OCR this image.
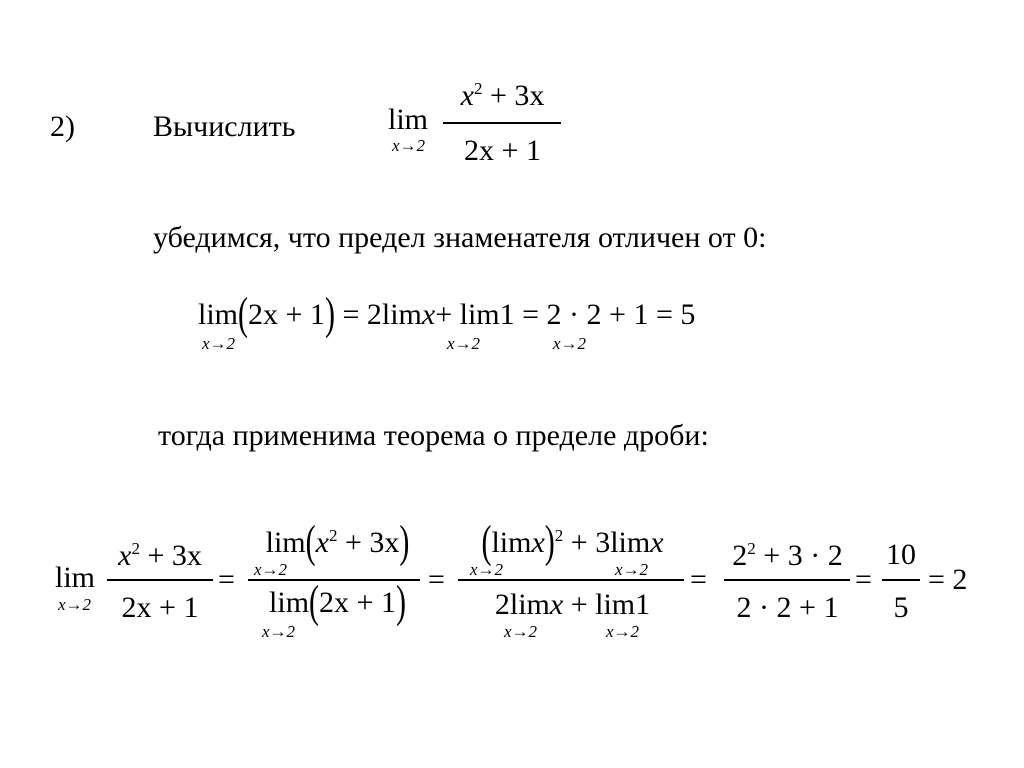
2)	Вычислить	lim
x→2
$x^2 + 3x$
2x + 1
убедимся, что предел знаменателя отличен от 0:
lim(2x + 1) = 2limx+ lim1 = 2 · 2 + 1 = 5
x→2	x→2	x→2
тогда применима теорема о пределе дроби:
lim
x→2
$x^2 + 3x$
2x + 1
=
$\lim(x^2 + 3x)$
x→2
lim(2x + 1)
x→2
=
$(\lim x)^2 + 3\lim x$
x→2	x→2
2limx + lim1
x→2	x→2
=
$2^2 + 3 \cdot 2$
2 · 2 + 1
=
10
5
= 2
